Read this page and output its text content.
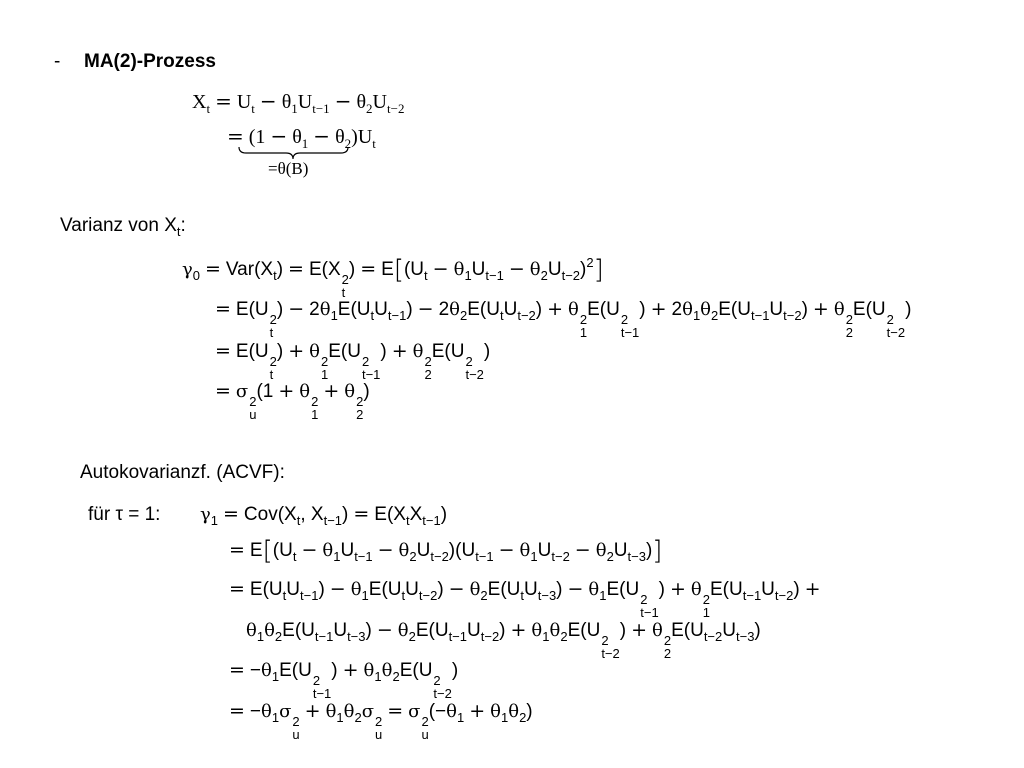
- MA(2)-Prozess
$X_t = U_t - \theta_1U_{t-1} - \theta_2U_{t-2}$
= $(1 - \theta_1 - \theta_2)U_t$
=θ(B)
Varianz von $X_t$:
$\gamma_0 = Var(X_t) = E(X$ 2
t
) = $E[(U_t - \theta_1U_{t-1} - \theta_2U_{t-2})^2]$
= E(U 2
t
) − $2\theta_1E(U_tU_{t-1}) - 2\theta_2E(U_tU_{t-2}) + \theta$ 2
1
E(U 2
t−1
) + $2\theta_1\theta_2E(U_{t-1}U_{t-2}) + \theta$ 2
2
E(U 2
t−2
)
= E(U 2
t
) + θ 2
1
E(U 2
t−1
) + θ 2
2
E(U 2
t−2
)
= σ 2
u
(1 + θ 2
1
+ θ 2
2
)
Autokovarianzf. (ACVF):
für τ = 1: $\gamma_1 = Cov(X_t$, $X_{t-1}) = E(X_tX_{t-1})$
= $E[(U_t - \theta_1U_{t-1} - \theta_2U_{t-2})(U_{t-1} - \theta_1U_{t-2} - \theta_2U_{t-3})]$
= $E(U_tU_{t-1}) - \theta_1E(U_tU_{t-2}) - \theta_2E(U_tU_{t-3}) - \theta_1E(U$ 2
t−1
) + θ 2
1
$E(U_{t-1}U_{t-2})$ +
$\theta_1\theta_2E(U_{t-1}U_{t-3}) - \theta_2E(U_{t-1}U_{t-2}) + \theta_1\theta_2E(U$ 2
t−2
) + θ 2
2
$E(U_{t-2}U_{t-3})$
= $-\theta_1E(U$ 2
t−1
) + $\theta_1\theta_2E(U$ 2
t−2
)
= $-\theta_1\sigma$ 2
u
+ $\theta_1\theta_2\sigma$ 2
u
= σ 2
u
$(-\theta_1 + \theta_1\theta_2)$
